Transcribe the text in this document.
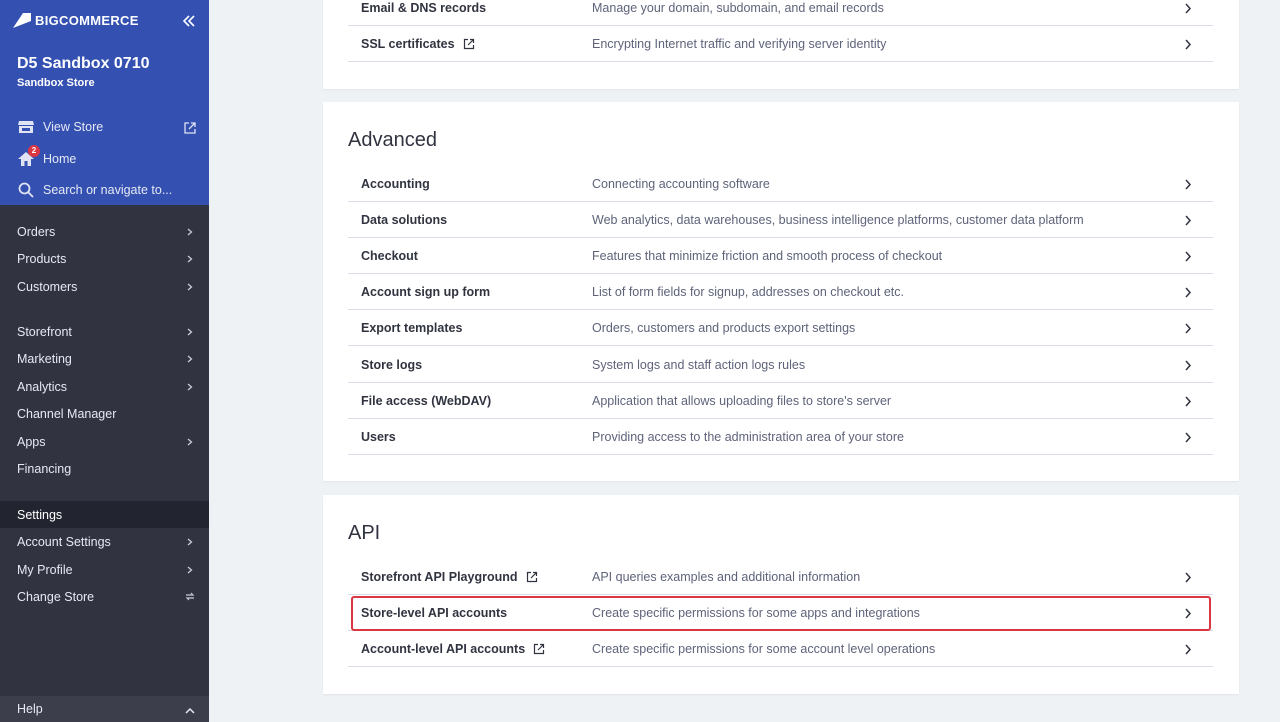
BIGCOMMERCE
D5 Sandbox 0710
Sandbox Store
View Store
2
Home
Search or navigate to...
Orders
Products
Customers
Storefront
Marketing
Analytics
Channel Manager
Apps
Financing
Settings
Account Settings
My Profile
Change Store
Help
Email & DNS records	Manage your domain, subdomain, and email records
SSL certificates	Encrypting Internet traffic and verifying server identity
Advanced
Accounting	Connecting accounting software
Data solutions	Web analytics, data warehouses, business intelligence platforms, customer data platform
Checkout	Features that minimize friction and smooth process of checkout
Account sign up form	List of form fields for signup, addresses on checkout etc.
Export templates	Orders, customers and products export settings
Store logs	System logs and staff action logs rules
File access (WebDAV)	Application that allows uploading files to store's server
Users	Providing access to the administration area of your store
API
Storefront API Playground	API queries examples and additional information
Store-level API accounts	Create specific permissions for some apps and integrations
Account-level API accounts	Create specific permissions for some account level operations
